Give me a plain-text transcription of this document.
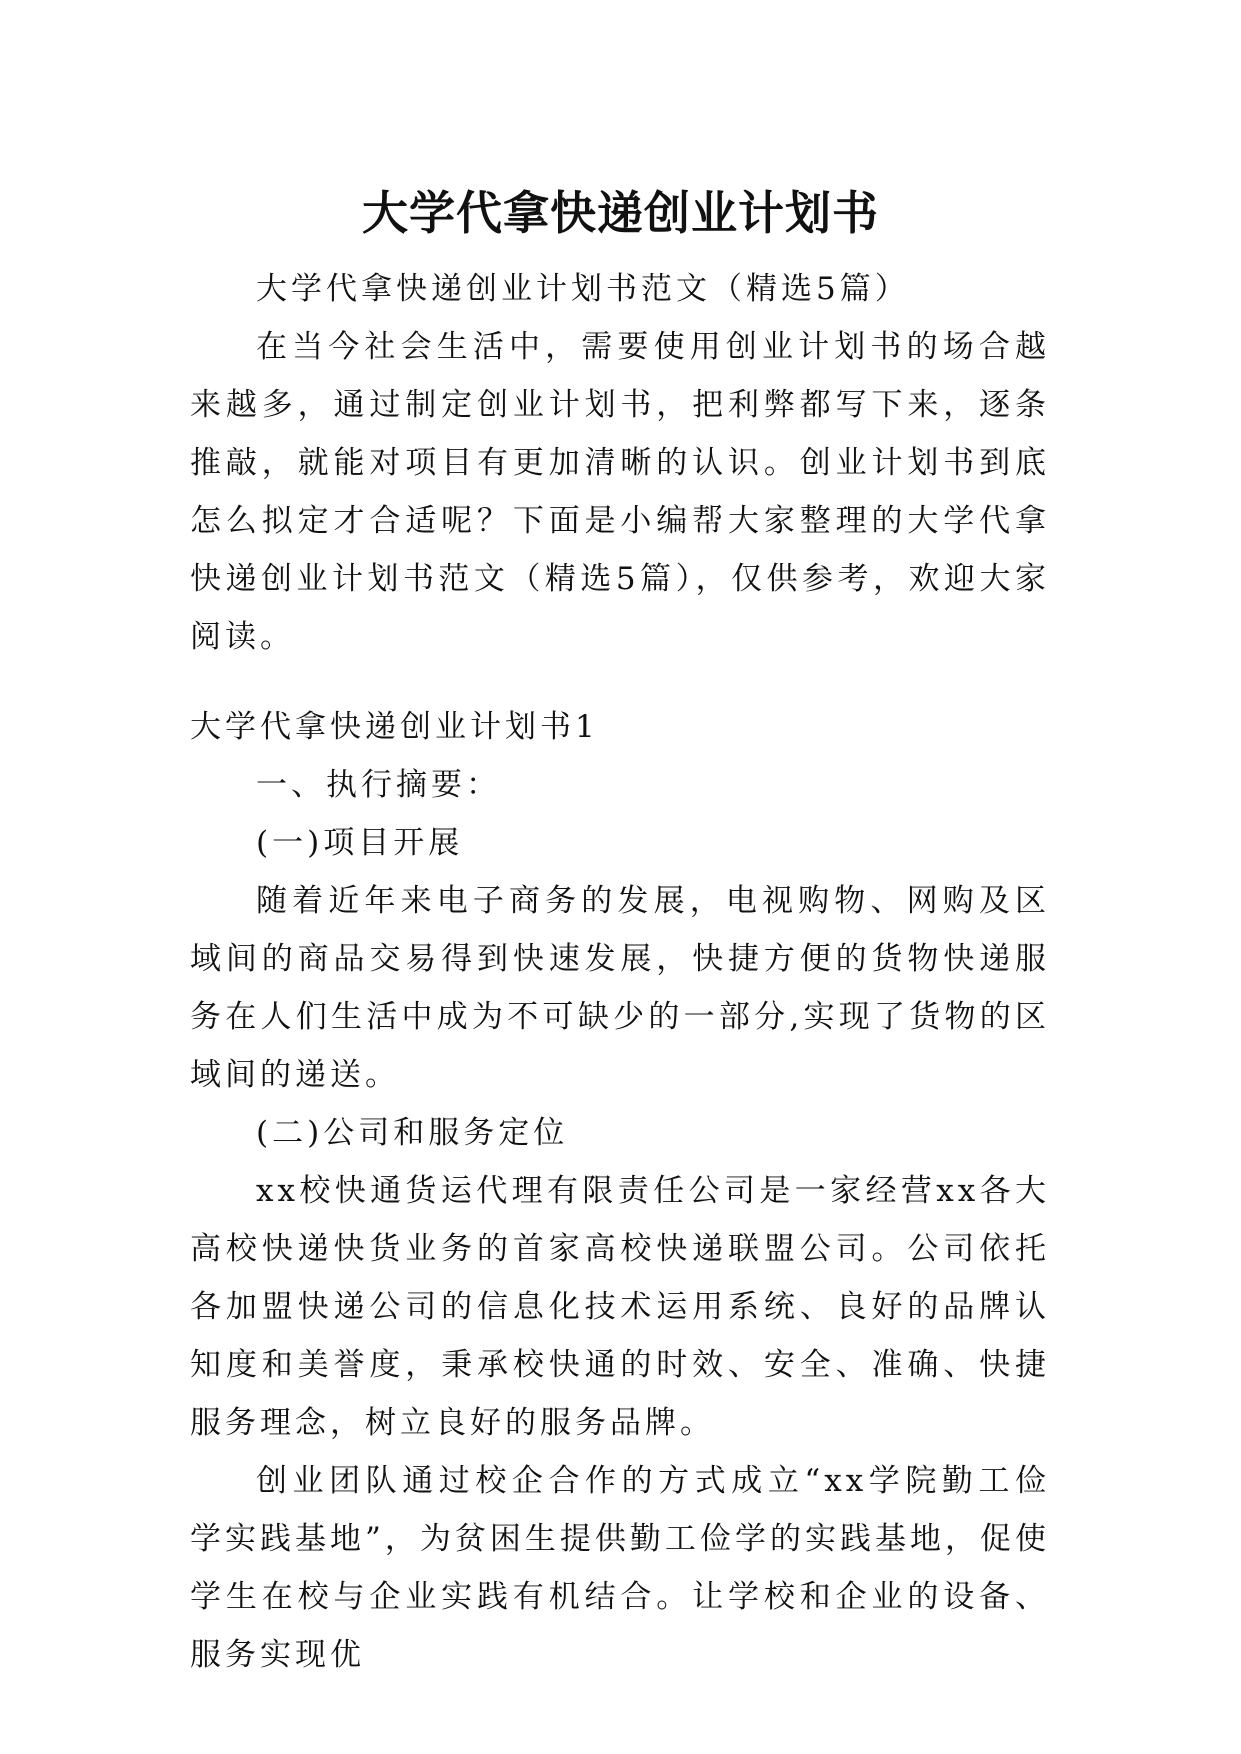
大学代拿快递创业计划书

大学代拿快递创业计划书范文（精选5篇）

在当今社会生活中，需要使用创业计划书的场合越来越多，通过制定创业计划书，把利弊都写下来，逐条推敲，就能对项目有更加清晰的认识。创业计划书到底怎么拟定才合适呢？下面是小编帮大家整理的大学代拿快递创业计划书范文（精选5篇），仅供参考，欢迎大家阅读。

大学代拿快递创业计划书1

一、执行摘要：

(一)项目开展

随着近年来电子商务的发展，电视购物、网购及区域间的商品交易得到快速发展，快捷方便的货物快递服务在人们生活中成为不可缺少的一部分,实现了货物的区域间的递送。

(二)公司和服务定位

xx校快通货运代理有限责任公司是一家经营xx各大高校快递快货业务的首家高校快递联盟公司。公司依托各加盟快递公司的信息化技术运用系统、良好的品牌认知度和美誉度，秉承校快通的时效、安全、准确、快捷服务理念，树立良好的服务品牌。

创业团队通过校企合作的方式成立“xx学院勤工俭学实践基地”，为贫困生提供勤工俭学的实践基地，促使学生在校与企业实践有机结合。让学校和企业的设备、服务实现优
